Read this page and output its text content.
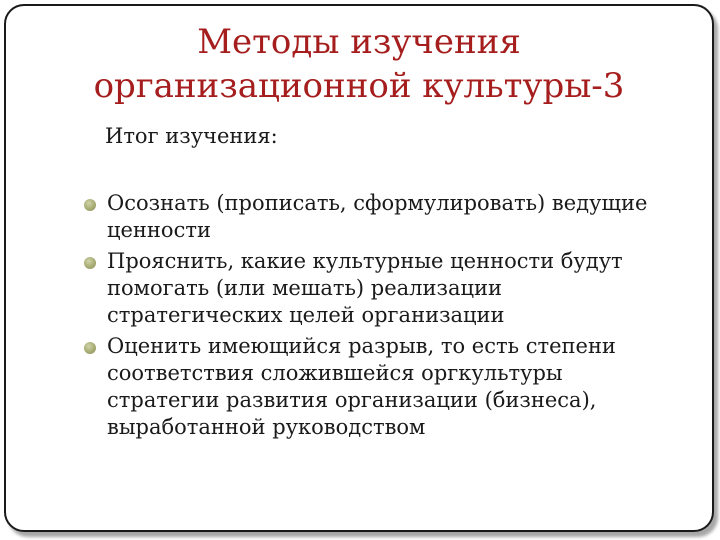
Методы изучения
организационной культуры-3

Итог изучения:

Осознать (прописать, сформулировать) ведущие
ценности
Прояснить, какие культурные ценности будут
помогать (или мешать) реализации
стратегических целей организации
Оценить имеющийся разрыв, то есть степени
соответствия сложившейся оргкультуры
стратегии развития организации (бизнеса),
выработанной руководством
